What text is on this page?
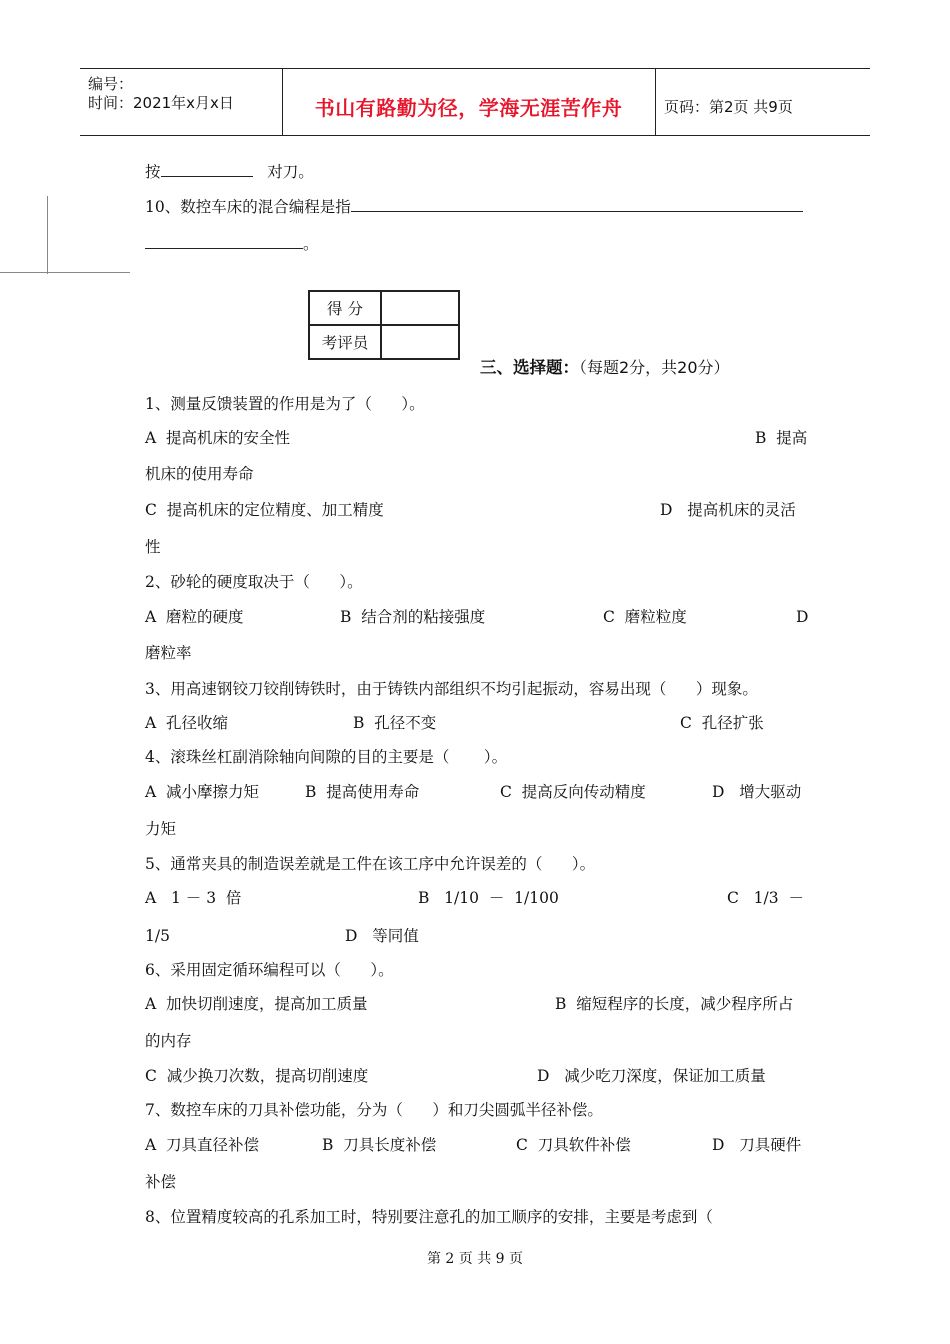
编号：
时间：2021年x月x日	书山有路勤为径，学海无涯苦作舟	页码：第2页 共9页
按	对刀。
10、数控车床的混合编程是指
。
得 分	
考评员	
三、选择题：（每题2分，共20分）
1、测量反馈装置的作用是为了（      ）。
A  提高机床的安全性	B  提高
机床的使用寿命
C  提高机床的定位精度、加工精度	D   提高机床的灵活
性
2、砂轮的硬度取决于（      ）。
A  磨粒的硬度	B  结合剂的粘接强度	C  磨粒粒度	D
磨粒率
3、用高速钢铰刀铰削铸铁时，由于铸铁内部组织不均引起振动，容易出现（      ）现象。
A  孔径收缩	B  孔径不变	C  孔径扩张
4、滚珠丝杠副消除轴向间隙的目的主要是（       ）。
A  减小摩擦力矩	B  提高使用寿命	C  提高反向传动精度	D   增大驱动
力矩
5、通常夹具的制造误差就是工件在该工序中允许误差的（      ）。
A   1 － 3  倍	B   1/10  －  1/100	C   1/3  －
1/5	D   等同值
6、采用固定循环编程可以（      ）。
A  加快切削速度，提高加工质量	B  缩短程序的长度，减少程序所占
的内存
C  减少换刀次数，提高切削速度	D   减少吃刀深度，保证加工质量
7、数控车床的刀具补偿功能，分为（      ）和刀尖圆弧半径补偿。
A  刀具直径补偿	B  刀具长度补偿	C  刀具软件补偿	D   刀具硬件
补偿
8、位置精度较高的孔系加工时，特别要注意孔的加工顺序的安排，主要是考虑到（
第 2 页 共 9 页
